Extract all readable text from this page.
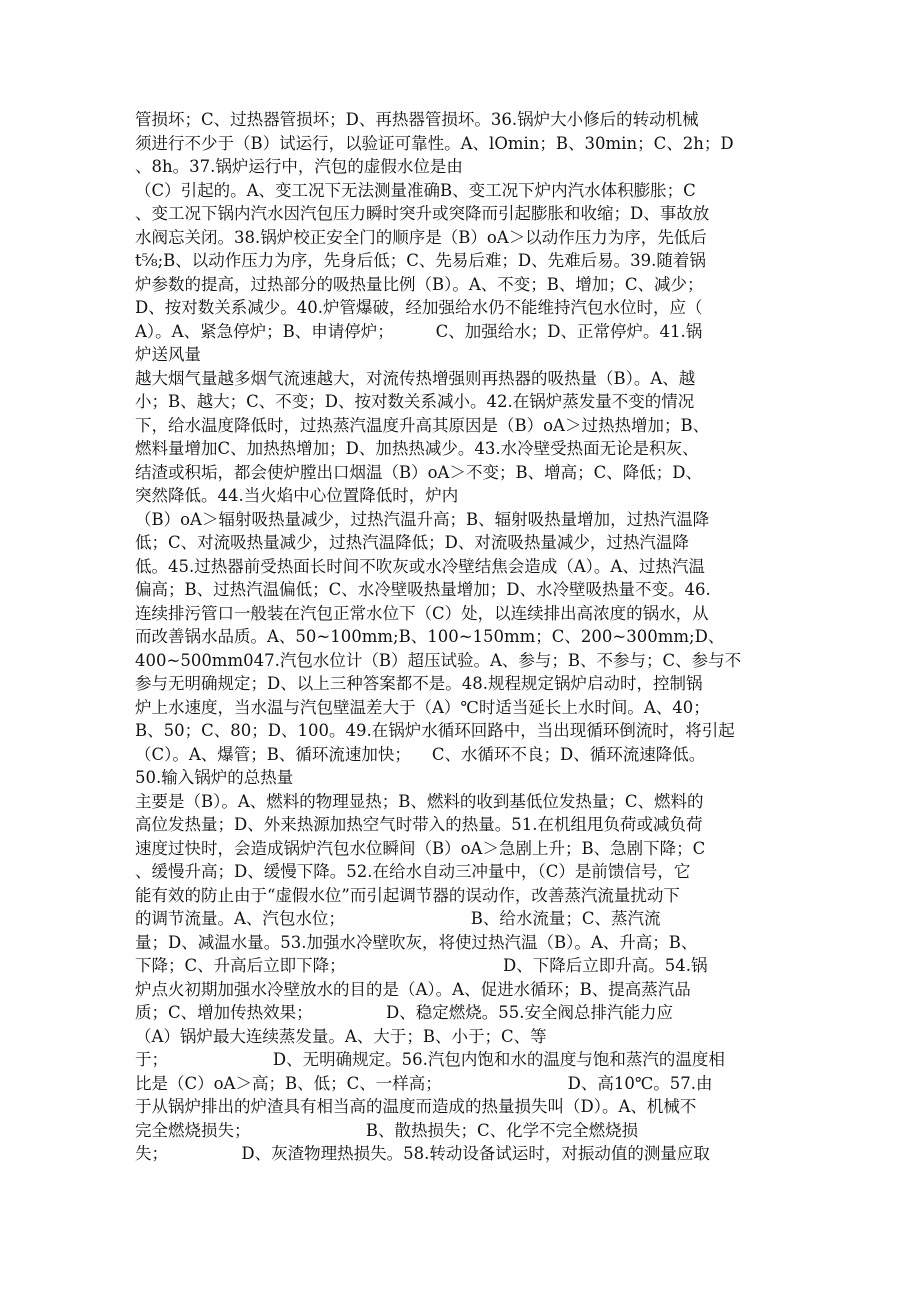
管损坏；C、过热器管损坏；D、再热器管损坏。36.锅炉大小修后的转动机械
须进行不少于（B）试运行，以验证可靠性。A、lOmin；B、30min；C、2h；D
、8h。37.锅炉运行中，汽包的虚假水位是由
（C）引起的。A、变工况下无法测量准确B、变工况下炉内汽水体积膨胀；C
、变工况下锅内汽水因汽包压力瞬时突升或突降而引起膨胀和收缩；D、事故放
水阀忘关闭。38.锅炉校正安全门的顺序是（B）oA＞以动作压力为序，先低后
t⅝;B、以动作压力为序，先身后低；C、先易后难；D、先难后易。39.随着锅
炉参数的提高，过热部分的吸热量比例（B）。A、不变；B、增加；C、减少；
D、按对数关系减少。40.炉管爆破，经加强给水仍不能维持汽包水位时，应（
A）。A、紧急停炉；B、申请停炉；        C、加强给水；D、正常停炉。41.锅
炉送风量
越大烟气量越多烟气流速越大，对流传热增强则再热器的吸热量（B）。A、越
小；B、越大；C、不变；D、按对数关系减小。42.在锅炉蒸发量不变的情况
下，给水温度降低时，过热蒸汽温度升高其原因是（B）oA＞过热热增加；B、
燃料量增加C、加热热增加；D、加热热减少。43.水冷壁受热面无论是积灰、
结渣或积垢，都会使炉膛出口烟温（B）oA＞不变；B、增高；C、降低；D、
突然降低。44.当火焰中心位置降低时，炉内
（B）oA＞辐射吸热量减少，过热汽温升高；B、辐射吸热量增加，过热汽温降
低；C、对流吸热量减少，过热汽温降低；D、对流吸热量减少，过热汽温降
低。45.过热器前受热面长时间不吹灰或水冷壁结焦会造成（A）。A、过热汽温
偏高；B、过热汽温偏低；C、水冷壁吸热量增加；D、水冷壁吸热量不变。46.
连续排污管口一般装在汽包正常水位下（C）处，以连续排出高浓度的锅水，从
而改善锅水品质。A、50~100mm;B、100~150mm；C、200~300mm;D、
400~500mm047.汽包水位计（B）超压试验。A、参与；B、不参与；C、参与不
参与无明确规定；D、以上三种答案都不是。48.规程规定锅炉启动时，控制锅
炉上水速度，当水温与汽包壁温差大于（A）℃时适当延长上水时间。A、40；
B、50；C、80；D、100。49.在锅炉水循环回路中，当出现循环倒流时，将引起
（C）。A、爆管；B、循环流速加快；    C、水循环不良；D、循环流速降低。
50.输入锅炉的总热量
主要是（B）。A、燃料的物理显热；B、燃料的收到基低位发热量；C、燃料的
高位发热量；D、外来热源加热空气时带入的热量。51.在机组甩负荷或减负荷
速度过快时，会造成锅炉汽包水位瞬间（B）oA＞急剧上升；B、急剧下降；C
、缓慢升高；D、缓慢下降。52.在给水自动三冲量中，（C）是前馈信号，它
能有效的防止由于“虚假水位”而引起调节器的误动作，改善蒸汽流量扰动下
的调节流量。A、汽包水位；                        B、给水流量；C、蒸汽流
量；D、减温水量。53.加强水冷壁吹灰，将使过热汽温（B）。A、升高；B、
下降；C、升高后立即下降；                              D、下降后立即升高。54.锅
炉点火初期加强水冷壁放水的目的是（A）。A、促进水循环；B、提高蒸汽品
质；C、增加传热效果；              D、稳定燃烧。55.安全阀总排汽能力应
（A）锅炉最大连续蒸发量。A、大于；B、小于；C、等
于；                    D、无明确规定。56.汽包内饱和水的温度与饱和蒸汽的温度相
比是（C）oA＞高；B、低；C、一样高；                        D、高10℃。57.由
于从锅炉排出的炉渣具有相当高的温度而造成的热量损失叫（D）。A、机械不
完全燃烧损失；                      B、散热损失；C、化学不完全燃烧损
失；              D、灰渣物理热损失。58.转动设备试运时，对振动值的测量应取
